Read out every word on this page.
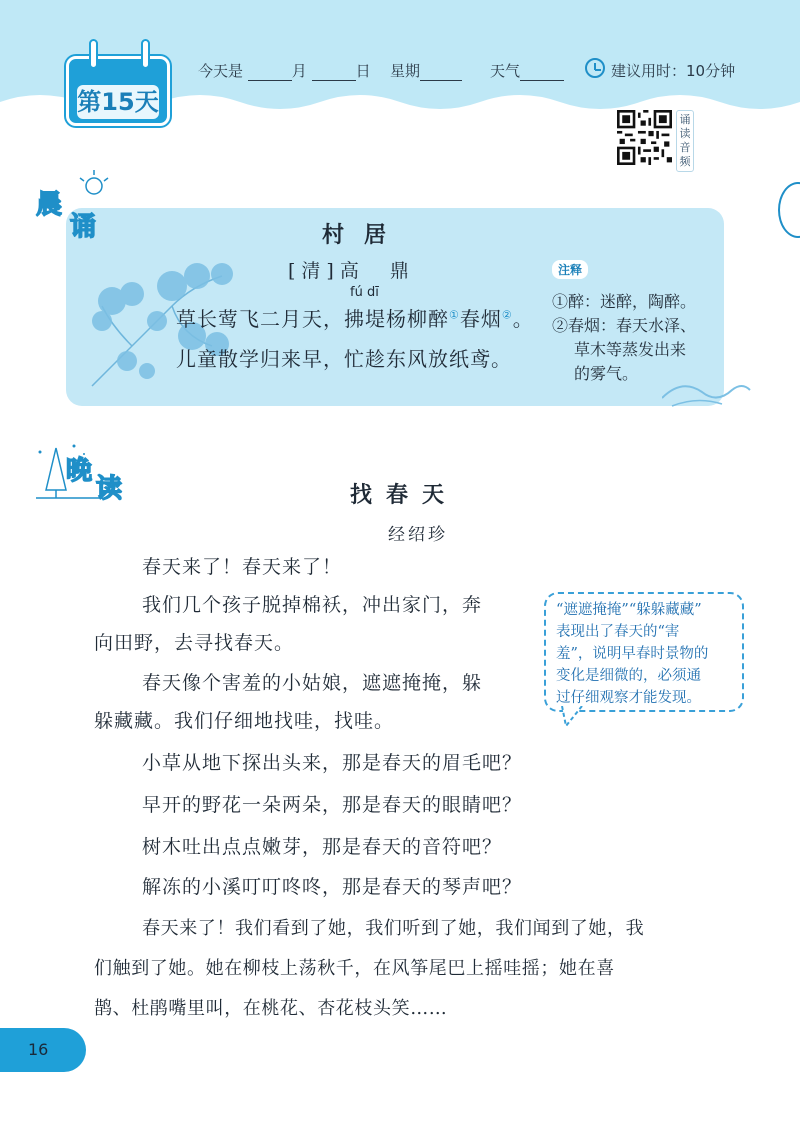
第15天
今天是	月	日 星期	天气	建议用时：10分钟
诵
读
音
频
晨
诵	村居
[清]高　鼎
fú dī
草长莺飞二月天，拂堤杨柳醉①春烟②。
儿童散学归来早，忙趁东风放纸鸢。
注释
①醉：迷醉，陶醉。
②春烟：春天水泽、
草木等蒸发出来
的雾气。
晚
读	找春天
经绍珍
春天来了！春天来了！
我们几个孩子脱掉棉袄，冲出家门，奔
向田野，去寻找春天。
春天像个害羞的小姑娘，遮遮掩掩，躲
躲藏藏。我们仔细地找哇，找哇。
小草从地下探出头来，那是春天的眉毛吧？
早开的野花一朵两朵，那是春天的眼睛吧？
树木吐出点点嫩芽，那是春天的音符吧？
解冻的小溪叮叮咚咚，那是春天的琴声吧？
春天来了！我们看到了她，我们听到了她，我们闻到了她，我
们触到了她。她在柳枝上荡秋千，在风筝尾巴上摇哇摇；她在喜
鹊、杜鹃嘴里叫，在桃花、杏花枝头笑……
“遮遮掩掩”“躲躲藏藏”
表现出了春天的“害
羞”，说明早春时景物的
变化是细微的，必须通
过仔细观察才能发现。
16
